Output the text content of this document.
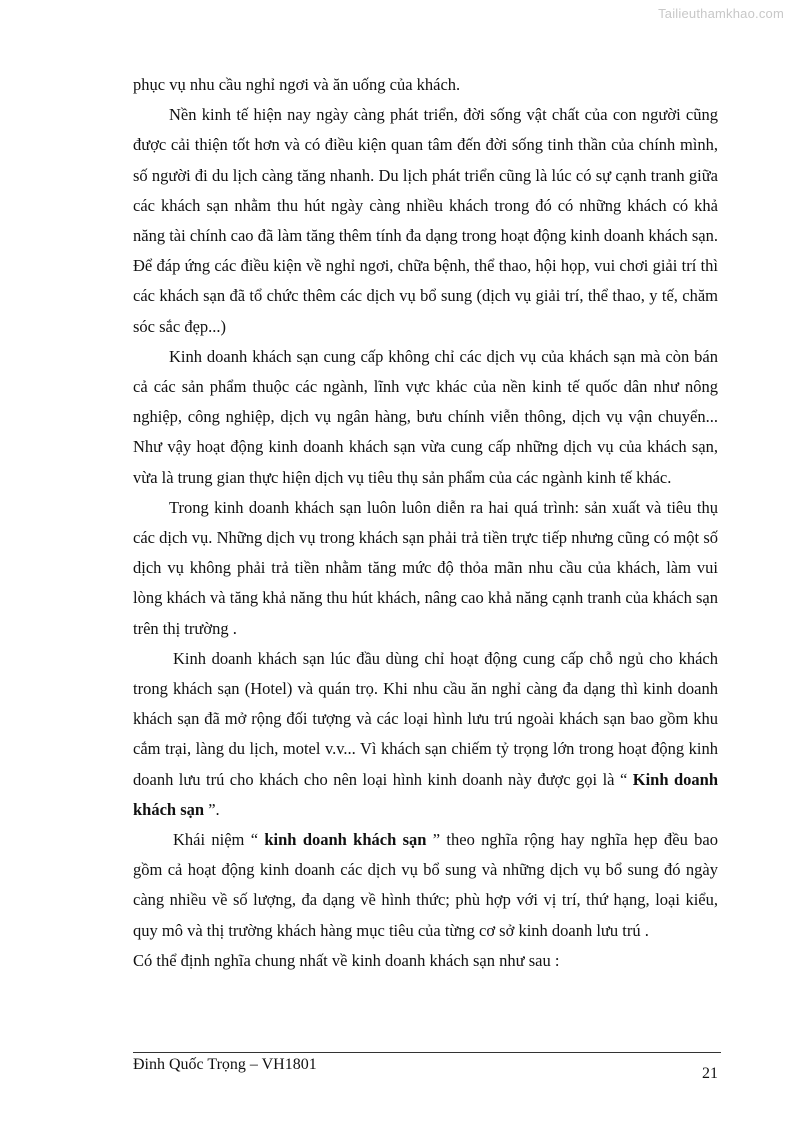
Tailieuthamkhao.com

phục vụ nhu cầu nghỉ ngơi và ăn uống của khách.

Nền kinh tế hiện nay ngày càng phát triển, đời sống vật chất của con người cũng được cải thiện tốt hơn và có điều kiện quan tâm đến đời sống tinh thần của chính mình, số người đi du lịch càng tăng nhanh. Du lịch phát triển cũng là lúc có sự cạnh tranh giữa các khách sạn nhằm thu hút ngày càng nhiều khách trong đó có những khách có khả năng tài chính cao đã làm tăng thêm tính đa dạng trong hoạt động kinh doanh khách sạn. Để đáp ứng các điều kiện về nghỉ ngơi, chữa bệnh, thể thao, hội họp, vui chơi giải trí thì các khách sạn đã tổ chức thêm các dịch vụ bổ sung (dịch vụ giải trí, thể thao, y tế, chăm sóc sắc đẹp...)

Kinh doanh khách sạn cung cấp không chỉ các dịch vụ của khách sạn mà còn bán cả các sản phẩm thuộc các ngành, lĩnh vực khác của nền kinh tế quốc dân như nông nghiệp, công nghiệp, dịch vụ ngân hàng, bưu chính viễn thông, dịch vụ vận chuyển... Như vậy hoạt động kinh doanh khách sạn vừa cung cấp những dịch vụ của khách sạn, vừa là trung gian thực hiện dịch vụ tiêu thụ sản phẩm của các ngành kinh tế khác.

Trong kinh doanh khách sạn luôn luôn diễn ra hai quá trình: sản xuất và tiêu thụ các dịch vụ. Những dịch vụ trong khách sạn phải trả tiền trực tiếp nhưng cũng có một số dịch vụ không phải trả tiền nhằm tăng mức độ thỏa mãn nhu cầu của khách, làm vui lòng khách và tăng khả năng thu hút khách, nâng cao khả năng cạnh tranh của khách sạn trên thị trường .

Kinh doanh khách sạn lúc đầu dùng chỉ hoạt động cung cấp chỗ ngủ cho khách trong khách sạn (Hotel) và quán trọ. Khi nhu cầu ăn nghỉ càng đa dạng thì kinh doanh khách sạn đã mở rộng đối tượng và các loại hình lưu trú ngoài khách sạn bao gồm khu cắm trại, làng du lịch, motel v.v... Vì khách sạn chiếm tỷ trọng lớn trong hoạt động kinh doanh lưu trú cho khách cho nên loại hình kinh doanh này được gọi là “ Kinh doanh khách sạn ”.

Khái niệm “ kinh doanh khách sạn ” theo nghĩa rộng hay nghĩa hẹp đều bao gồm cả hoạt động kinh doanh các dịch vụ bổ sung và những dịch vụ bổ sung đó ngày càng nhiều về số lượng, đa dạng về hình thức; phù hợp với vị trí, thứ hạng, loại kiểu, quy mô và thị trường khách hàng mục tiêu của từng cơ sở kinh doanh lưu trú .

Có thể định nghĩa chung nhất về kinh doanh khách sạn như sau :

Đinh Quốc Trọng – VH1801
21
